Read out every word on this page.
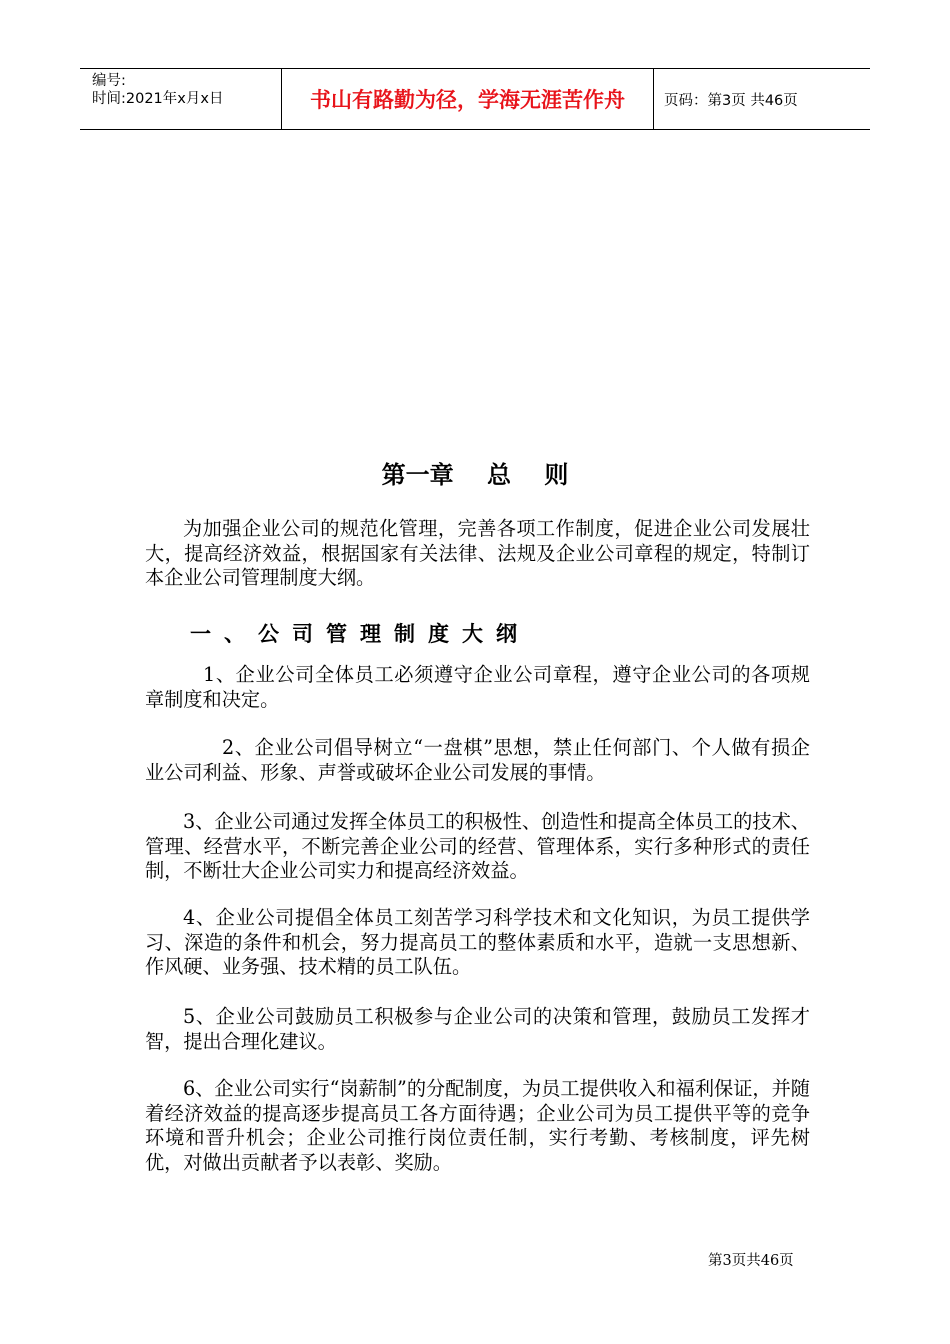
编号:
时间:2021年x月x日	书山有路勤为径，学海无涯苦作舟	页码：第3页 共46页
第一章    总    则

为加强企业公司的规范化管理，完善各项工作制度，促进企业公司发展壮大，提高经济效益，根据国家有关法律、法规及企业公司章程的规定，特制订本企业公司管理制度大纲。

一、公司管理制度大纲

1、企业公司全体员工必须遵守企业公司章程，遵守企业公司的各项规章制度和决定。

2、企业公司倡导树立“一盘棋”思想，禁止任何部门、个人做有损企业公司利益、形象、声誉或破坏企业公司发展的事情。

3、企业公司通过发挥全体员工的积极性、创造性和提高全体员工的技术、管理、经营水平，不断完善企业公司的经营、管理体系，实行多种形式的责任制，不断壮大企业公司实力和提高经济效益。

4、企业公司提倡全体员工刻苦学习科学技术和文化知识，为员工提供学习、深造的条件和机会，努力提高员工的整体素质和水平，造就一支思想新、作风硬、业务强、技术精的员工队伍。

5、企业公司鼓励员工积极参与企业公司的决策和管理，鼓励员工发挥才智，提出合理化建议。

6、企业公司实行“岗薪制”的分配制度，为员工提供收入和福利保证，并随着经济效益的提高逐步提高员工各方面待遇；企业公司为员工提供平等的竞争环境和晋升机会；企业公司推行岗位责任制，实行考勤、考核制度，评先树优，对做出贡献者予以表彰、奖励。

第3页共46页
